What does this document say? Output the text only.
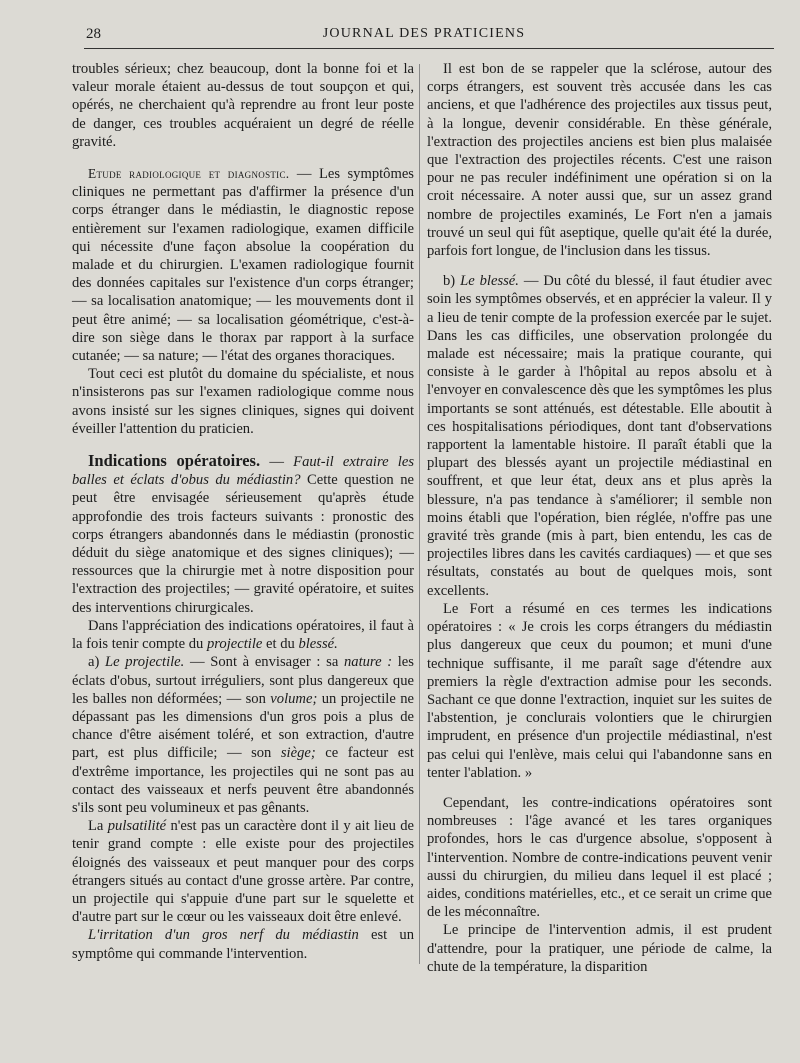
28	JOURNAL DES PRATICIENS

troubles sérieux; chez beaucoup, dont la bonne foi et la valeur morale étaient au-dessus de tout soupçon et qui, opérés, ne cherchaient qu'à reprendre au front leur poste de danger, ces troubles acquéraient un degré de réelle gravité.

Etude radiologique et diagnostic. — Les symptômes cliniques ne permettant pas d'affirmer la présence d'un corps étranger dans le médiastin, le diagnostic repose entièrement sur l'examen radiologique, examen difficile qui nécessite d'une façon absolue la coopération du malade et du chirurgien. L'examen radiologique fournit des données capitales sur l'existence d'un corps étranger; — sa localisation anatomique; — les mouvements dont il peut être animé; — sa localisation géométrique, c'est-à-dire son siège dans le thorax par rapport à la surface cutanée; — sa nature; — l'état des organes thoraciques.

Tout ceci est plutôt du domaine du spécialiste, et nous n'insisterons pas sur l'examen radiologique comme nous avons insisté sur les signes cliniques, signes qui doivent éveiller l'attention du praticien.

Indications opératoires. — Faut-il extraire les balles et éclats d'obus du médiastin? Cette question ne peut être envisagée sérieusement qu'après étude approfondie des trois facteurs suivants : pronostic des corps étrangers abandonnés dans le médiastin (pronostic déduit du siège anatomique et des signes cliniques); — ressources que la chirurgie met à notre disposition pour l'extraction des projectiles; — gravité opératoire, et suites des interventions chirurgicales.

Dans l'appréciation des indications opératoires, il faut à la fois tenir compte du projectile et du blessé.

a) Le projectile. — Sont à envisager : sa nature : les éclats d'obus, surtout irréguliers, sont plus dangereux que les balles non déformées; — son volume; un projectile ne dépassant pas les dimensions d'un gros pois a plus de chance d'être aisément toléré, et son extraction, d'autre part, est plus difficile; — son siège; ce facteur est d'extrême importance, les projectiles qui ne sont pas au contact des vaisseaux et nerfs peuvent être abandonnés s'ils sont peu volumineux et pas gênants.

La pulsatilité n'est pas un caractère dont il y ait lieu de tenir grand compte : elle existe pour des projectiles éloignés des vaisseaux et peut manquer pour des corps étrangers situés au contact d'une grosse artère. Par contre, un projectile qui s'appuie d'une part sur le squelette et d'autre part sur le cœur ou les vaisseaux doit être enlevé.

L'irritation d'un gros nerf du médiastin est un symptôme qui commande l'intervention.

Il est bon de se rappeler que la sclérose, autour des corps étrangers, est souvent très accusée dans les cas anciens, et que l'adhérence des projectiles aux tissus peut, à la longue, devenir considérable. En thèse générale, l'extraction des projectiles anciens est bien plus malaisée que l'extraction des projectiles récents. C'est une raison pour ne pas reculer indéfiniment une opération si on la croit nécessaire. A noter aussi que, sur un assez grand nombre de projectiles examinés, Le Fort n'en a jamais trouvé un seul qui fût aseptique, quelle qu'ait été la durée, parfois fort longue, de l'inclusion dans les tissus.

b) Le blessé. — Du côté du blessé, il faut étudier avec soin les symptômes observés, et en apprécier la valeur. Il y a lieu de tenir compte de la profession exercée par le sujet. Dans les cas difficiles, une observation prolongée du malade est nécessaire; mais la pratique courante, qui consiste à le garder à l'hôpital au repos absolu et à l'envoyer en convalescence dès que les symptômes les plus importants se sont atténués, est détestable. Elle aboutit à ces hospitalisations périodiques, dont tant d'observations rapportent la lamentable histoire. Il paraît établi que la plupart des blessés ayant un projectile médiastinal en souffrent, et que leur état, deux ans et plus après la blessure, n'a pas tendance à s'améliorer; il semble non moins établi que l'opération, bien réglée, n'offre pas une gravité très grande (mis à part, bien entendu, les cas de projectiles libres dans les cavités cardiaques) — et que ses résultats, constatés au bout de quelques mois, sont excellents.

Le Fort a résumé en ces termes les indications opératoires : « Je crois les corps étrangers du médiastin plus dangereux que ceux du poumon; et muni d'une technique suffisante, il me paraît sage d'étendre aux premiers la règle d'extraction admise pour les seconds. Sachant ce que donne l'extraction, inquiet sur les suites de l'abstention, je conclurais volontiers que le chirurgien imprudent, en présence d'un projectile médiastinal, n'est pas celui qui l'enlève, mais celui qui l'abandonne sans en tenter l'ablation. »

Cependant, les contre-indications opératoires sont nombreuses : l'âge avancé et les tares organiques profondes, hors le cas d'urgence absolue, s'opposent à l'intervention. Nombre de contre-indications peuvent venir aussi du chirurgien, du milieu dans lequel il est placé ; aides, conditions matérielles, etc., et ce serait un crime que de les méconnaître.

Le principe de l'intervention admis, il est prudent d'attendre, pour la pratiquer, une période de calme, la chute de la température, la disparition
